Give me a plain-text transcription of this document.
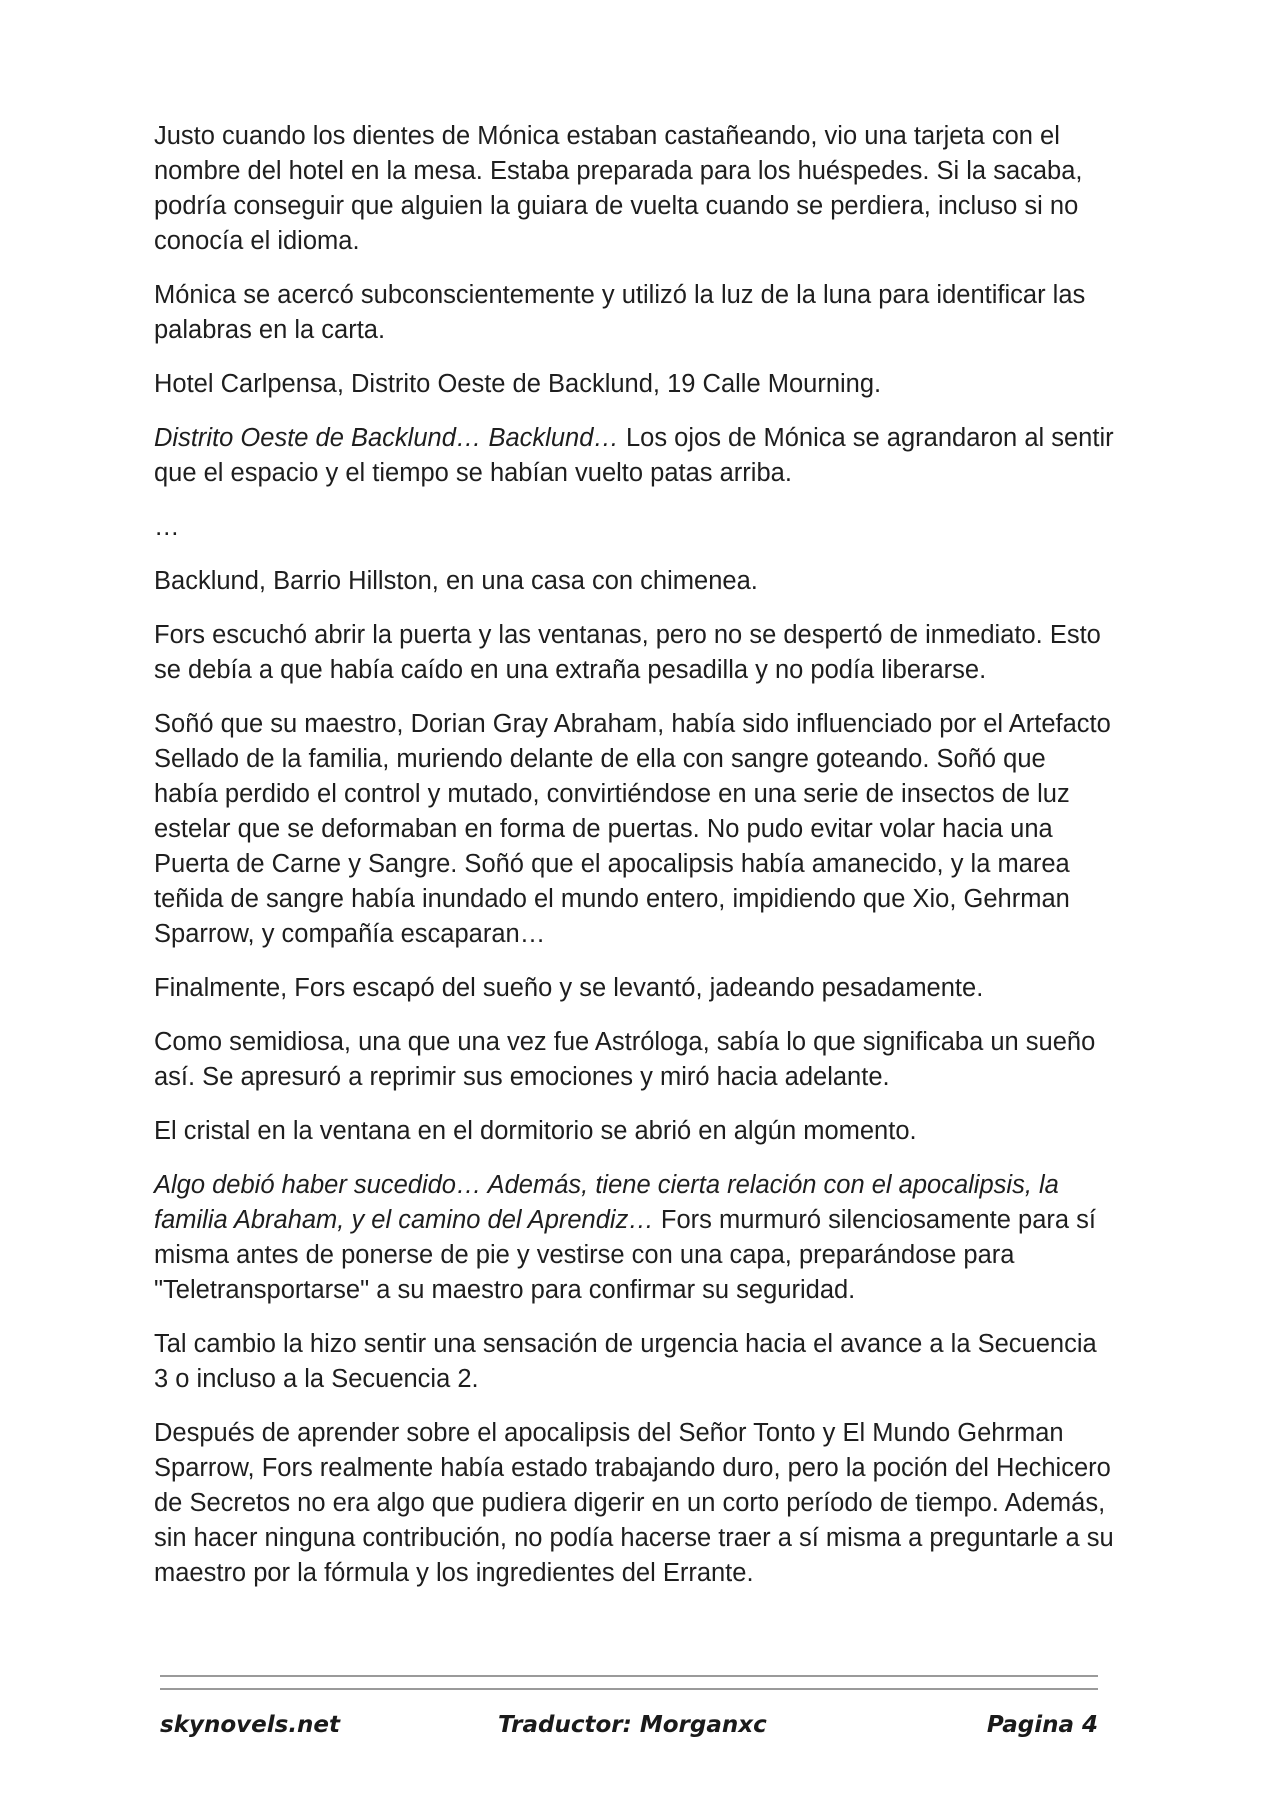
Justo cuando los dientes de Mónica estaban castañeando, vio una tarjeta con el nombre del hotel en la mesa. Estaba preparada para los huéspedes. Si la sacaba, podría conseguir que alguien la guiara de vuelta cuando se perdiera, incluso si no conocía el idioma.

Mónica se acercó subconscientemente y utilizó la luz de la luna para identificar las palabras en la carta.

Hotel Carlpensa, Distrito Oeste de Backlund, 19 Calle Mourning.

Distrito Oeste de Backlund… Backlund… Los ojos de Mónica se agrandaron al sentir que el espacio y el tiempo se habían vuelto patas arriba.

…

Backlund, Barrio Hillston, en una casa con chimenea.

Fors escuchó abrir la puerta y las ventanas, pero no se despertó de inmediato. Esto se debía a que había caído en una extraña pesadilla y no podía liberarse.

Soñó que su maestro, Dorian Gray Abraham, había sido influenciado por el Artefacto Sellado de la familia, muriendo delante de ella con sangre goteando. Soñó que había perdido el control y mutado, convirtiéndose en una serie de insectos de luz estelar que se deformaban en forma de puertas. No pudo evitar volar hacia una Puerta de Carne y Sangre. Soñó que el apocalipsis había amanecido, y la marea teñida de sangre había inundado el mundo entero, impidiendo que Xio, Gehrman Sparrow, y compañía escaparan…

Finalmente, Fors escapó del sueño y se levantó, jadeando pesadamente.

Como semidiosa, una que una vez fue Astróloga, sabía lo que significaba un sueño así. Se apresuró a reprimir sus emociones y miró hacia adelante.

El cristal en la ventana en el dormitorio se abrió en algún momento.

Algo debió haber sucedido… Además, tiene cierta relación con el apocalipsis, la familia Abraham, y el camino del Aprendiz… Fors murmuró silenciosamente para sí misma antes de ponerse de pie y vestirse con una capa, preparándose para "Teletransportarse" a su maestro para confirmar su seguridad.

Tal cambio la hizo sentir una sensación de urgencia hacia el avance a la Secuencia 3 o incluso a la Secuencia 2.

Después de aprender sobre el apocalipsis del Señor Tonto y El Mundo Gehrman Sparrow, Fors realmente había estado trabajando duro, pero la poción del Hechicero de Secretos no era algo que pudiera digerir en un corto período de tiempo. Además, sin hacer ninguna contribución, no podía hacerse traer a sí misma a preguntarle a su maestro por la fórmula y los ingredientes del Errante.

skynovels.net	Traductor: Morganxc	Pagina 4
